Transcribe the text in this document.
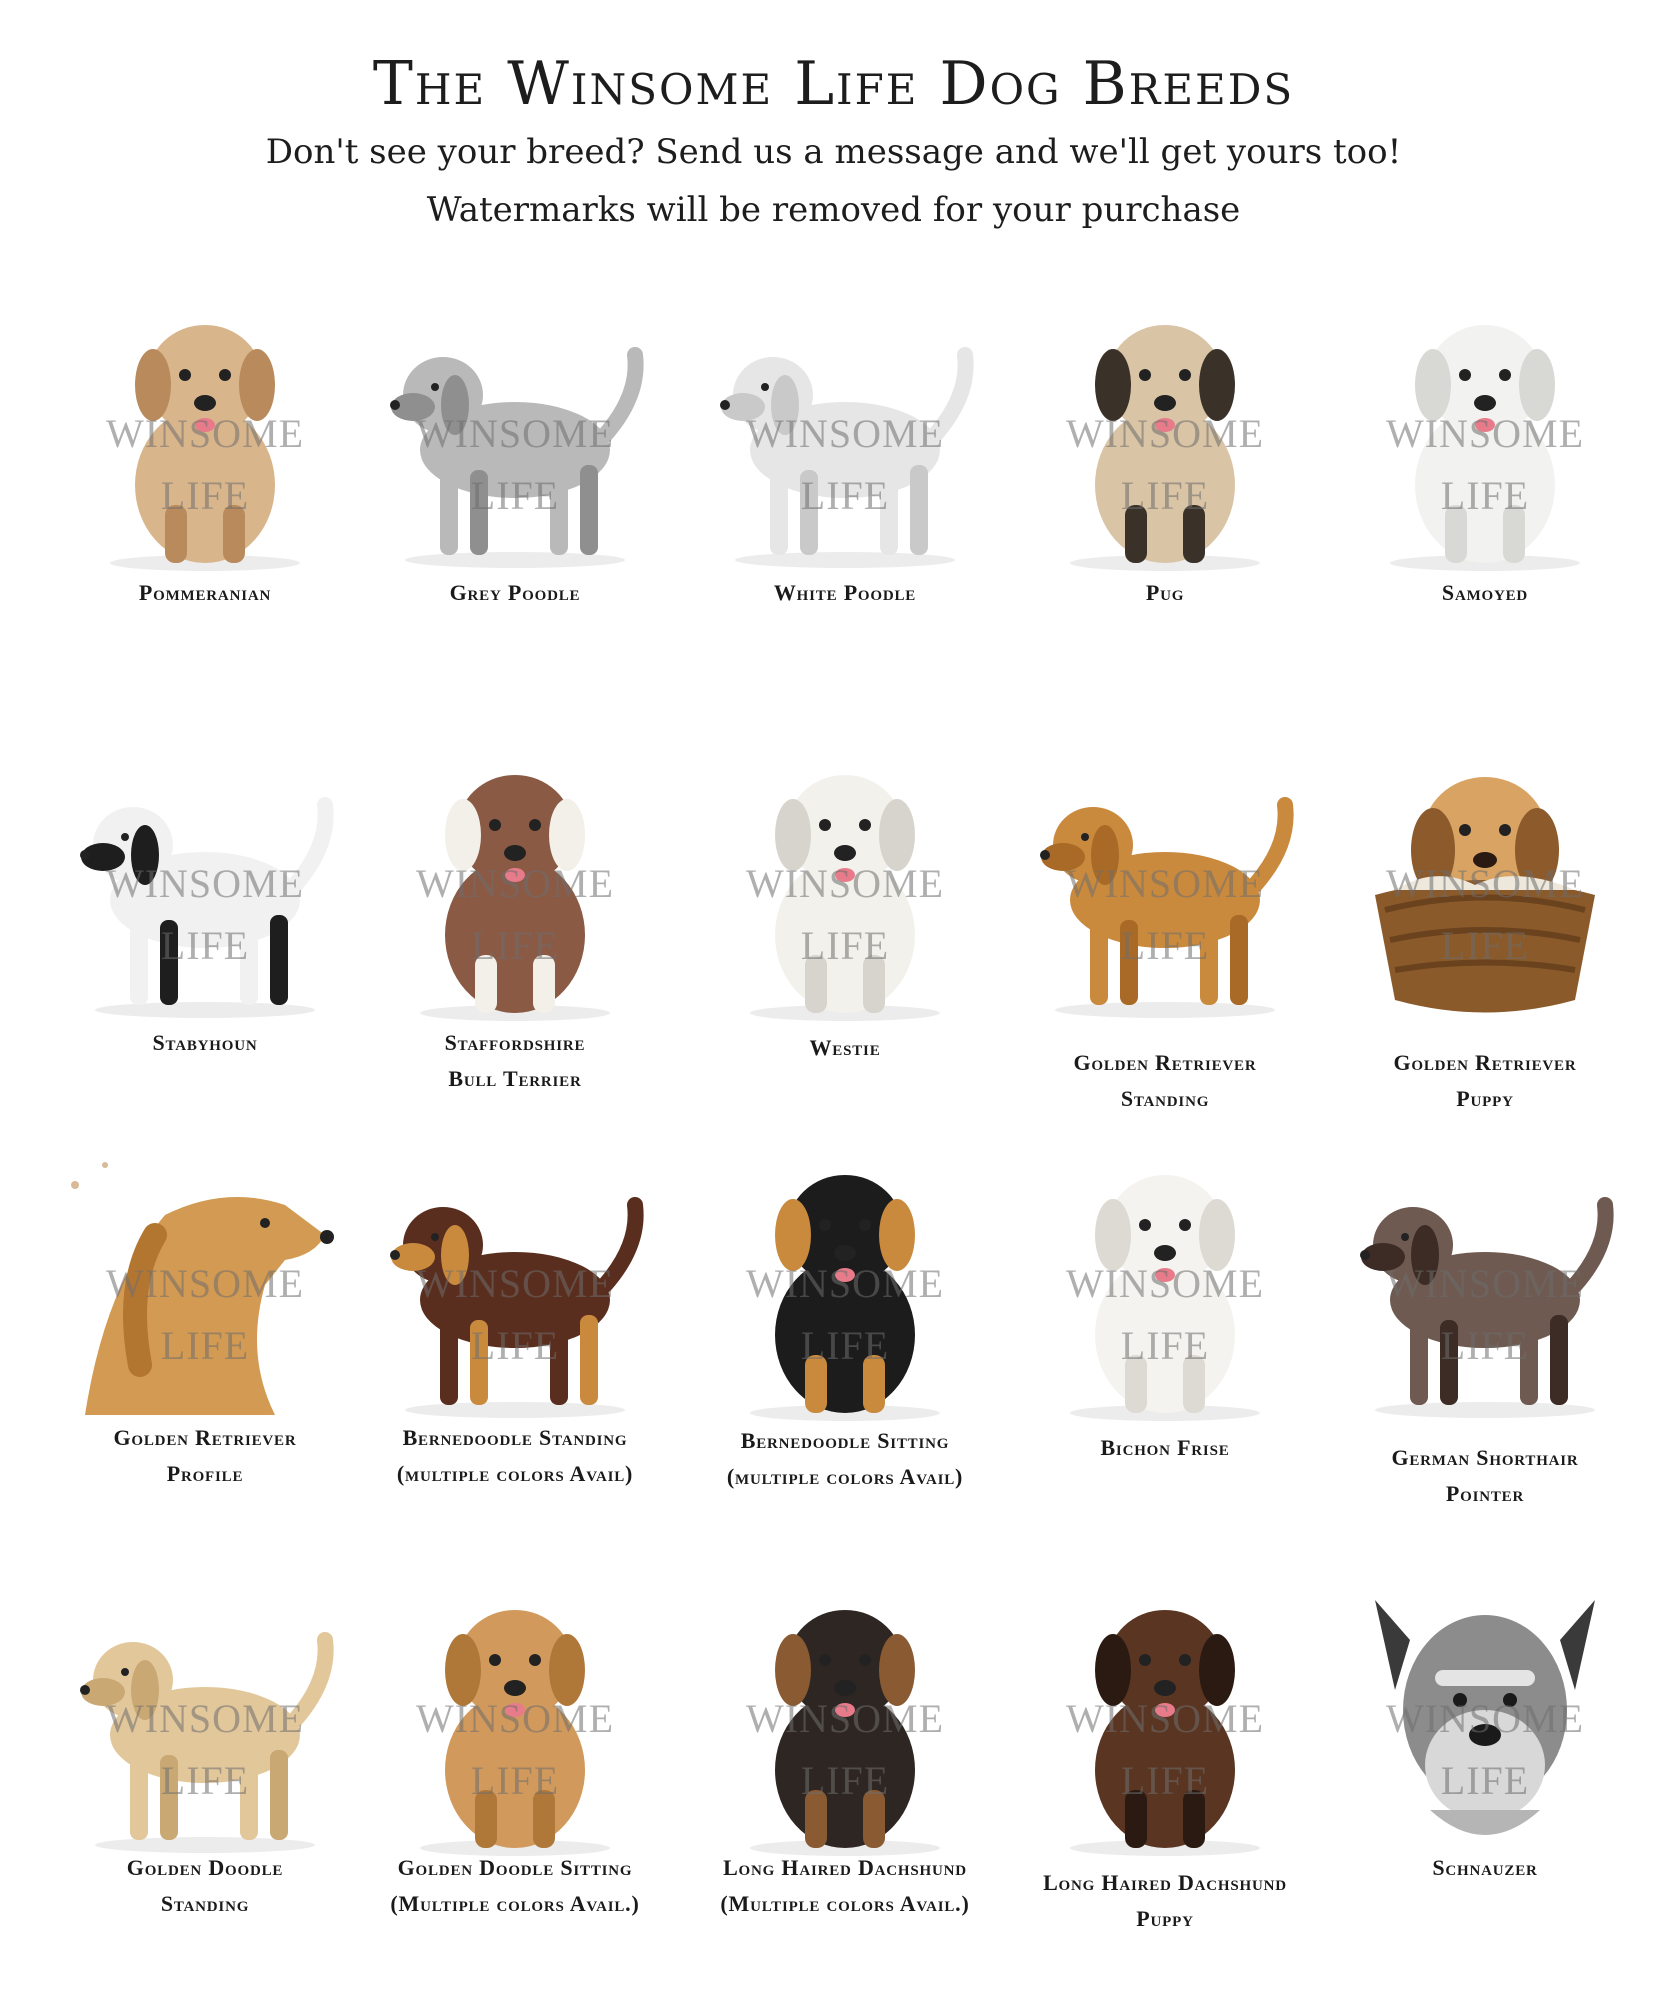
The Winsome Life Dog Breeds
Don't see your breed? Send us a message and we'll get yours too!
Watermarks will be removed for your purchase
WINSOME
LIFE
Pommeranian
WINSOME
LIFE
Grey Poodle
WINSOME
LIFE
White Poodle
WINSOME
LIFE
Pug
WINSOME
LIFE
Samoyed
WINSOME
LIFE
Stabyhoun
WINSOME
LIFE
Staffordshire
Bull Terrier
WINSOME
LIFE
Westie
WINSOME
LIFE
Golden Retriever
Standing
WINSOME
LIFE
Golden Retriever
Puppy
WINSOME
LIFE
Golden Retriever
Profile
WINSOME
LIFE
Bernedoodle Standing
(multiple colors Avail)
WINSOME
LIFE
Bernedoodle Sitting
(multiple colors Avail)
WINSOME
LIFE
Bichon Frise
WINSOME
LIFE
German Shorthair
Pointer
WINSOME
LIFE
Golden Doodle
Standing
WINSOME
LIFE
Golden Doodle Sitting
(Multiple colors Avail.)
WINSOME
LIFE
Long Haired Dachshund
(Multiple colors Avail.)
WINSOME
LIFE
Long Haired Dachshund
Puppy
WINSOME
LIFE
Schnauzer
